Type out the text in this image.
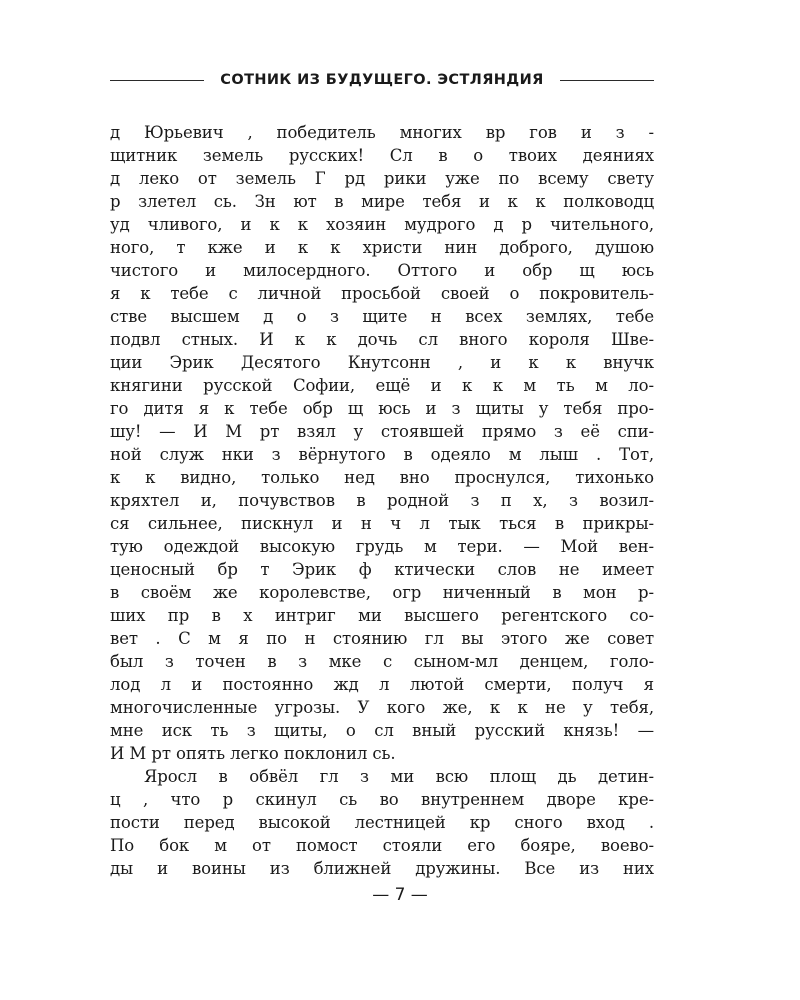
СОТНИК ИЗ БУДУЩЕГО. ЭСТЛЯНДИЯ
д Юрьевич , победитель многих вр гов и з -
щитник земель русских! Сл в о твоих деяниях
д леко от земель Г рд рики уже по всему свету
р злетел сь. Зн ют в мире тебя и к к полководц
уд чливого, и к к хозяин мудрого д р чительного,
ного, т кже и к к христи нин доброго, душою
чистого и милосердного. Оттого и обр щ юсь
я к тебе с личной просьбой своей о покровитель-
стве высшем д о з щите н всех землях, тебе
подвл стных. И к к дочь сл вного короля Шве-
ции Эрик Десятого Кнутсонн , и к к внучк
княгини русской Софии, ещё и к к м ть м ло-
го дитя я к тебе обр щ юсь и з щиты у тебя про-
шу! — И М рт взял у стоявшей прямо з её спи-
ной служ нки з вёрнутого в одеяло м лыш . Тот,
к к видно, только нед вно проснулся, тихонько
кряхтел и, почувствов в родной з п х, з возил-
ся сильнее, пискнул и н ч л тык ться в прикры-
тую одеждой высокую грудь м тери. — Мой вен-
ценосный бр т Эрик ф ктически слов не имеет
в своём же королевстве, огр ниченный в мон р-
ших пр в х интриг ми высшего регентского со-
вет . С м я по н стоянию гл вы этого же совет
был з точен в з мке с сыном-мл денцем, голо-
лод л и постоянно жд л лютой смерти, получ я
многочисленные угрозы. У кого же, к к не у тебя,
мне иск ть з щиты, о сл вный русский князь! —
И М рт опять легко поклонил сь.
Яросл в обвёл гл з ми всю площ дь детин-
ц , что р скинул сь во внутреннем дворе кре-
пости перед высокой лестницей кр сного вход .
По бок м от помост стояли его бояре, воево-
ды и воины из ближней дружины. Все из них
— 7 —
